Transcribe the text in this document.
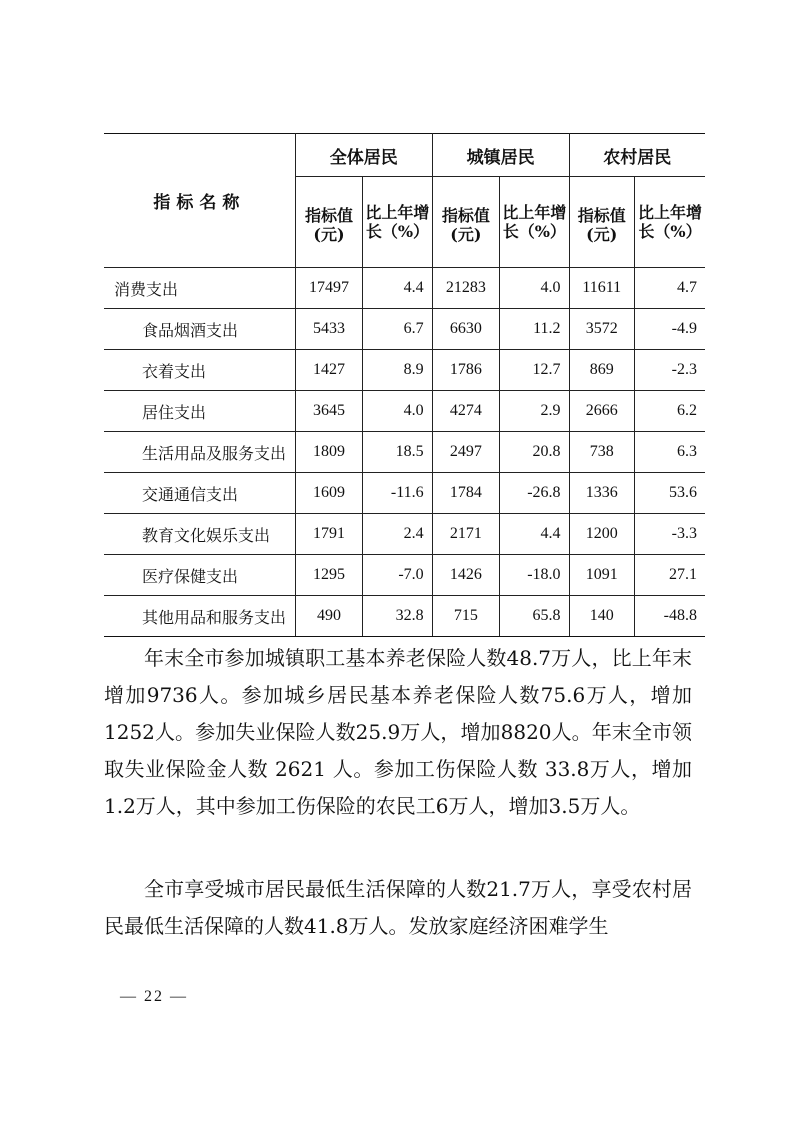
指标名称	全体居民		城镇居民		农村居民	
	指标值(元)	比上年增长（%）	指标值(元)	比上年增长（%）	指标值(元)	比上年增长（%）
消费支出	17497	4.4	21283	4.0	11611	4.7
食品烟酒支出	5433	6.7	6630	11.2	3572	-4.9
衣着支出	1427	8.9	1786	12.7	869	-2.3
居住支出	3645	4.0	4274	2.9	2666	6.2
生活用品及服务支出	1809	18.5	2497	20.8	738	6.3
交通通信支出	1609	-11.6	1784	-26.8	1336	53.6
教育文化娱乐支出	1791	2.4	2171	4.4	1200	-3.3
医疗保健支出	1295	-7.0	1426	-18.0	1091	27.1
其他用品和服务支出	490	32.8	715	65.8	140	-48.8

年末全市参加城镇职工基本养老保险人数48.7万人，比上年末增加9736人。参加城乡居民基本养老保险人数75.6万人，增加1252人。参加失业保险人数25.9万人，增加8820人。年末全市领取失业保险金人数 2621 人。参加工伤保险人数 33.8万人，增加1.2万人，其中参加工伤保险的农民工6万人，增加3.5万人。

全市享受城市居民最低生活保障的人数21.7万人，享受农村居民最低生活保障的人数41.8万人。发放家庭经济困难学生

— 22 —
